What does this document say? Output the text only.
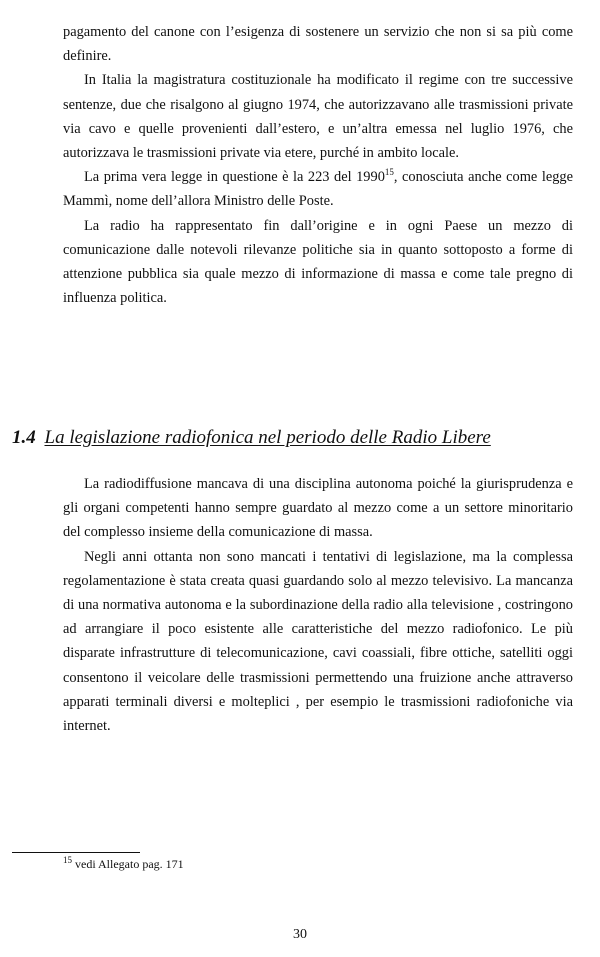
pagamento del canone con l’esigenza di sostenere un servizio che non si sa più come definire.

In Italia la magistratura costituzionale ha modificato il regime con tre successive sentenze, due che risalgono al giugno 1974, che autorizzavano alle trasmissioni private via cavo e quelle provenienti dall’estero, e un’altra emessa nel luglio 1976, che autorizzava le trasmissioni private via etere, purché in ambito locale.

La prima vera legge in questione è la 223 del 1990$^{15}$, conosciuta anche come legge Mammì, nome dell’allora Ministro delle Poste.

La radio ha rappresentato fin dall’origine e in ogni Paese un mezzo di comunicazione dalle notevoli rilevanze politiche sia in quanto sottoposto a forme di attenzione pubblica sia quale mezzo di informazione di massa e come tale pregno di influenza politica.

1.4 La legislazione radiofonica nel periodo delle Radio Libere

La radiodiffusione mancava di una disciplina autonoma poiché la giurisprudenza e gli organi competenti hanno sempre guardato al mezzo come a un settore minoritario del complesso insieme della comunicazione di massa.

Negli anni ottanta non sono mancati i tentativi di legislazione, ma la complessa regolamentazione è stata creata quasi guardando solo al mezzo televisivo. La mancanza di una normativa autonoma e la subordinazione della radio alla televisione , costringono ad arrangiare il poco esistente alle caratteristiche del mezzo radiofonico. Le più disparate infrastrutture di telecomunicazione, cavi coassiali, fibre ottiche, satelliti oggi consentono il veicolare delle trasmissioni permettendo una fruizione anche attraverso apparati terminali diversi e molteplici , per esempio le trasmissioni radiofoniche via internet.

$^{15}$ vedi Allegato pag. 171
30
